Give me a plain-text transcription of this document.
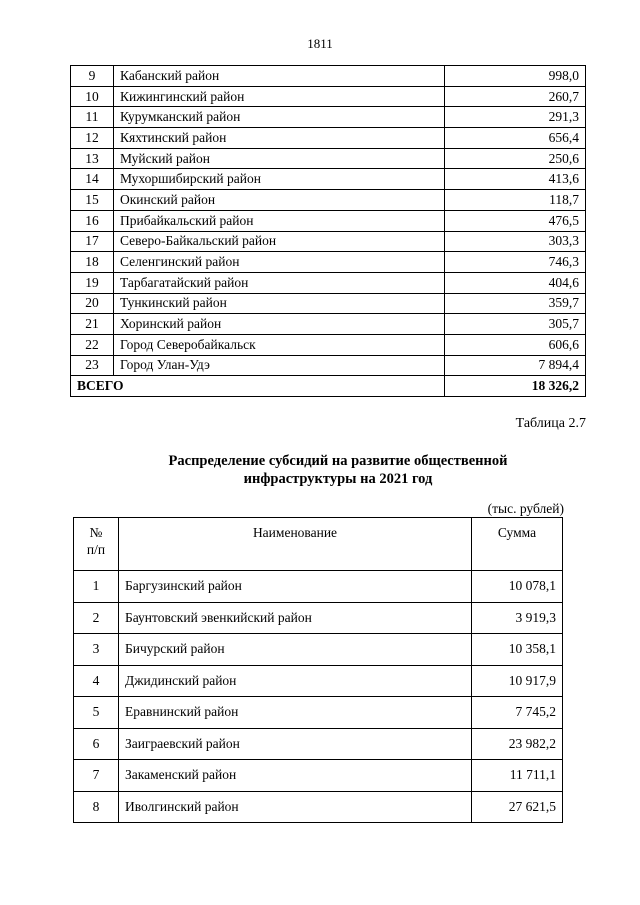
1811
9	Кабанский район	998,0
10	Кижингинский район	260,7
11	Курумканский район	291,3
12	Кяхтинский район	656,4
13	Муйский район	250,6
14	Мухоршибирский район	413,6
15	Окинский район	118,7
16	Прибайкальский район	476,5
17	Северо-Байкальский район	303,3
18	Селенгинский район	746,3
19	Тарбагатайский район	404,6
20	Тункинский район	359,7
21	Хоринский район	305,7
22	Город Северобайкальск	606,6
23	Город Улан-Удэ	7 894,4
ВСЕГО		18 326,2
Таблица 2.7
Распределение субсидий на развитие общественной
инфраструктуры на 2021 год
(тыс. рублей)
№
п/п	Наименование	Сумма
1	Баргузинский район	10 078,1
2	Баунтовский эвенкийский район	3 919,3
3	Бичурский район	10 358,1
4	Джидинский район	10 917,9
5	Еравнинский район	7 745,2
6	Заиграевский район	23 982,2
7	Закаменский район	11 711,1
8	Иволгинский район	27 621,5
